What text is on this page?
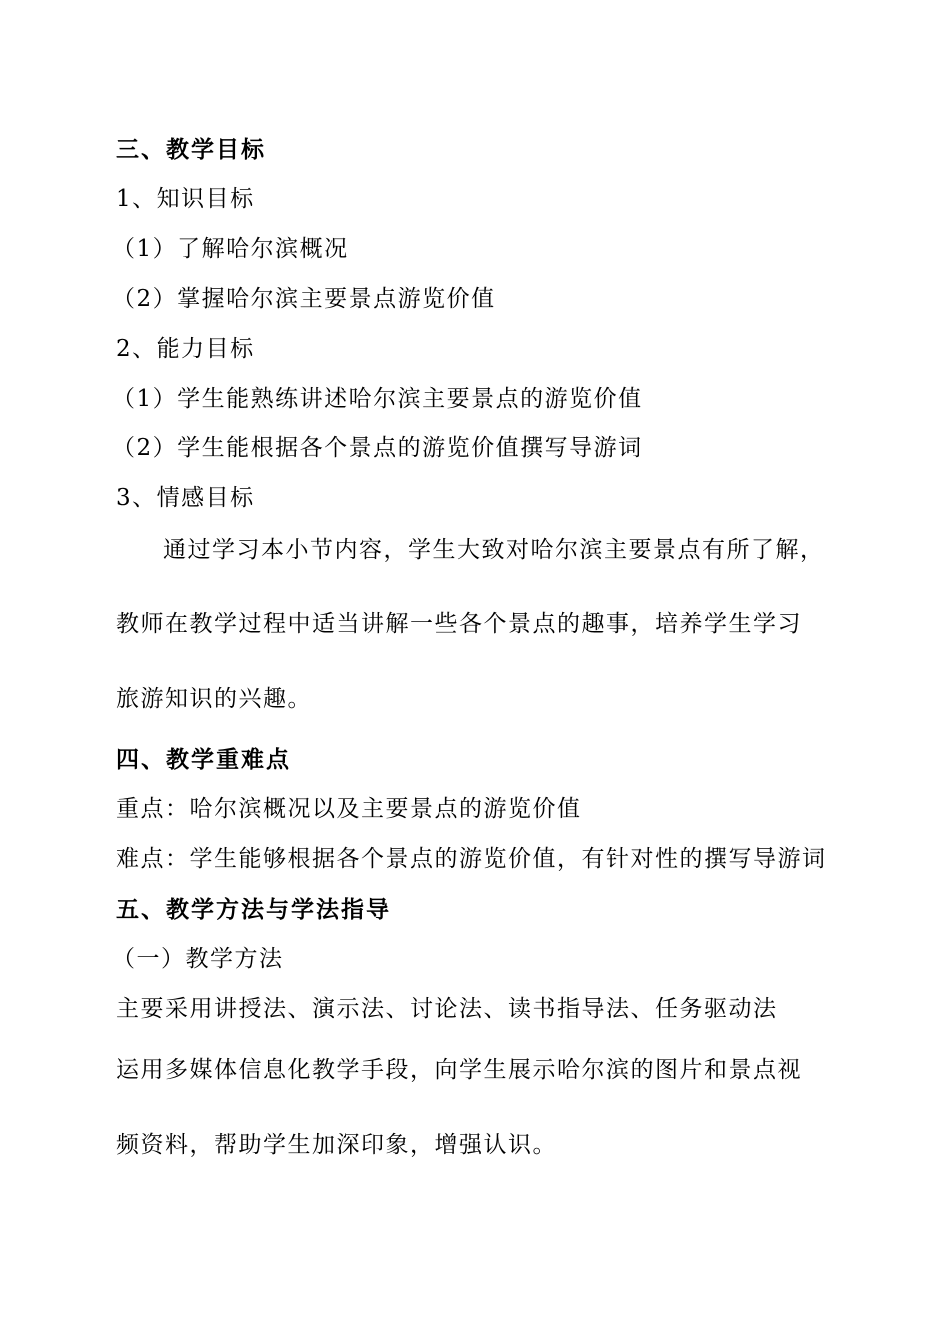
三、教学目标
1、知识目标
（1）了解哈尔滨概况
（2）掌握哈尔滨主要景点游览价值
2、能力目标
（1）学生能熟练讲述哈尔滨主要景点的游览价值
（2）学生能根据各个景点的游览价值撰写导游词
3、情感目标
通过学习本小节内容，学生大致对哈尔滨主要景点有所了解，
教师在教学过程中适当讲解一些各个景点的趣事，培养学生学习
旅游知识的兴趣。
四、教学重难点
重点：哈尔滨概况以及主要景点的游览价值
难点：学生能够根据各个景点的游览价值，有针对性的撰写导游词
五、教学方法与学法指导
（一）教学方法
主要采用讲授法、演示法、讨论法、读书指导法、任务驱动法
运用多媒体信息化教学手段，向学生展示哈尔滨的图片和景点视
频资料，帮助学生加深印象，增强认识。
